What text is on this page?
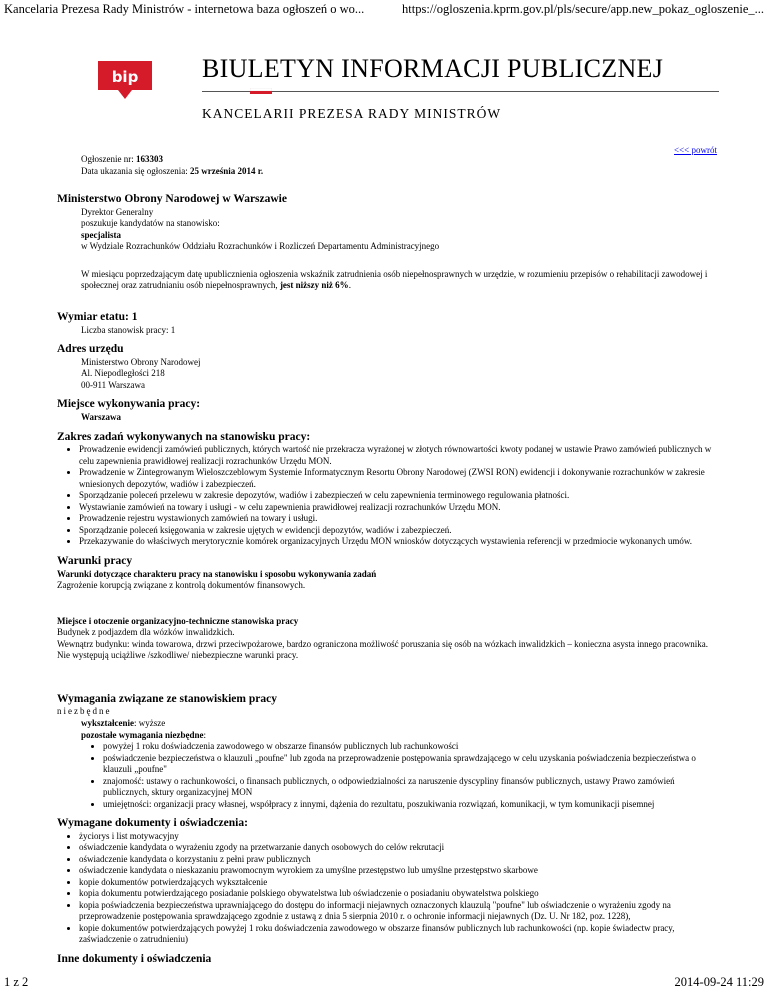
Kancelaria Prezesa Rady Ministrów - internetowa baza ogłoszeń o wo...	https://ogloszenia.kprm.gov.pl/pls/secure/app.new_pokaz_ogloszenie_...
bip BIULETYN INFORMACJI PUBLICZNEJ
KANCELARII PREZESA RADY MINISTRÓW
<<< powrót
Ogłoszenie nr: 163303
Data ukazania się ogłoszenia: 25 września 2014 r.
Ministerstwo Obrony Narodowej w Warszawie
Dyrektor Generalny
poszukuje kandydatów na stanowisko:
specjalista
w Wydziale Rozrachunków Oddziału Rozrachunków i Rozliczeń Departamentu Administracyjnego
W miesiącu poprzedzającym datę upublicznienia ogłoszenia wskaźnik zatrudnienia osób niepełnosprawnych w urzędzie, w rozumieniu przepisów o rehabilitacji zawodowej i społecznej oraz zatrudnianiu osób niepełnosprawnych, jest niższy niż 6%.
Wymiar etatu: 1
Liczba stanowisk pracy: 1
Adres urzędu
Ministerstwo Obrony Narodowej
Al. Niepodległości 218
00-911 Warszawa
Miejsce wykonywania pracy:
Warszawa
Zakres zadań wykonywanych na stanowisku pracy:
• Prowadzenie ewidencji zamówień publicznych, których wartość nie przekracza wyrażonej w złotych równowartości kwoty podanej w ustawie Prawo zamówień publicznych w celu zapewnienia prawidłowej realizacji rozrachunków Urzędu MON.
• Prowadzenie w Zintegrowanym Wieloszczeblowym Systemie Informatycznym Resortu Obrony Narodowej (ZWSI RON) ewidencji i dokonywanie rozrachunków w zakresie wniesionych depozytów, wadiów i zabezpieczeń.
• Sporządzanie poleceń przelewu w zakresie depozytów, wadiów i zabezpieczeń w celu zapewnienia terminowego regulowania płatności.
• Wystawianie zamówień na towary i usługi - w celu zapewnienia prawidłowej realizacji rozrachunków Urzędu MON.
• Prowadzenie rejestru wystawionych zamówień na towary i usługi.
• Sporządzanie poleceń księgowania w zakresie ujętych w ewidencji depozytów, wadiów i zabezpieczeń.
• Przekazywanie do właściwych merytorycznie komórek organizacyjnych Urzędu MON wniosków dotyczących wystawienia referencji w przedmiocie wykonanych umów.
Warunki pracy
Warunki dotyczące charakteru pracy na stanowisku i sposobu wykonywania zadań
Zagrożenie korupcją związane z kontrolą dokumentów finansowych.
Miejsce i otoczenie organizacyjno-techniczne stanowiska pracy
Budynek z podjazdem dla wózków inwalidzkich.
Wewnątrz budynku: winda towarowa, drzwi przeciwpożarowe, bardzo ograniczona możliwość poruszania się osób na wózkach inwalidzkich – konieczna asysta innego pracownika.
Nie występują uciążliwe /szkodliwe/ niebezpieczne warunki pracy.
Wymagania związane ze stanowiskiem pracy
niezbędne
wykształcenie: wyższe
pozostałe wymagania niezbędne:
• powyżej 1 roku doświadczenia zawodowego w obszarze finansów publicznych lub rachunkowości
• poświadczenie bezpieczeństwa o klauzuli „poufne" lub zgoda na przeprowadzenie postępowania sprawdzającego w celu uzyskania poświadczenia bezpieczeństwa o klauzuli „poufne"
• znajomość: ustawy o rachunkowości, o finansach publicznych, o odpowiedzialności za naruszenie dyscypliny finansów publicznych, ustawy Prawo zamówień publicznych, sktury organizacyjnej MON
• umiejętności: organizacji pracy własnej, współpracy z innymi, dążenia do rezultatu, poszukiwania rozwiązań, komunikacji, w tym komunikacji pisemnej
Wymagane dokumenty i oświadczenia:
• życiorys i list motywacyjny
• oświadczenie kandydata o wyrażeniu zgody na przetwarzanie danych osobowych do celów rekrutacji
• oświadczenie kandydata o korzystaniu z pełni praw publicznych
• oświadczenie kandydata o nieskazaniu prawomocnym wyrokiem za umyślne przestępstwo lub umyślne przestępstwo skarbowe
• kopie dokumentów potwierdzających wykształcenie
• kopia dokumentu potwierdzającego posiadanie polskiego obywatelstwa lub oświadczenie o posiadaniu obywatelstwa polskiego
• kopia poświadczenia bezpieczeństwa uprawniającego do dostępu do informacji niejawnych oznaczonych klauzulą "poufne" lub oświadczenie o wyrażeniu zgody na przeprowadzenie postępowania sprawdzającego zgodnie z ustawą z dnia 5 sierpnia 2010 r. o ochronie informacji niejawnych (Dz. U. Nr 182, poz. 1228),
• kopie dokumentów potwierdzających powyżej 1 roku doświadczenia zawodowego w obszarze finansów publicznych lub rachunkowości (np. kopie świadectw pracy, zaświadczenie o zatrudnieniu)
Inne dokumenty i oświadczenia
1 z 2	2014-09-24 11:29
